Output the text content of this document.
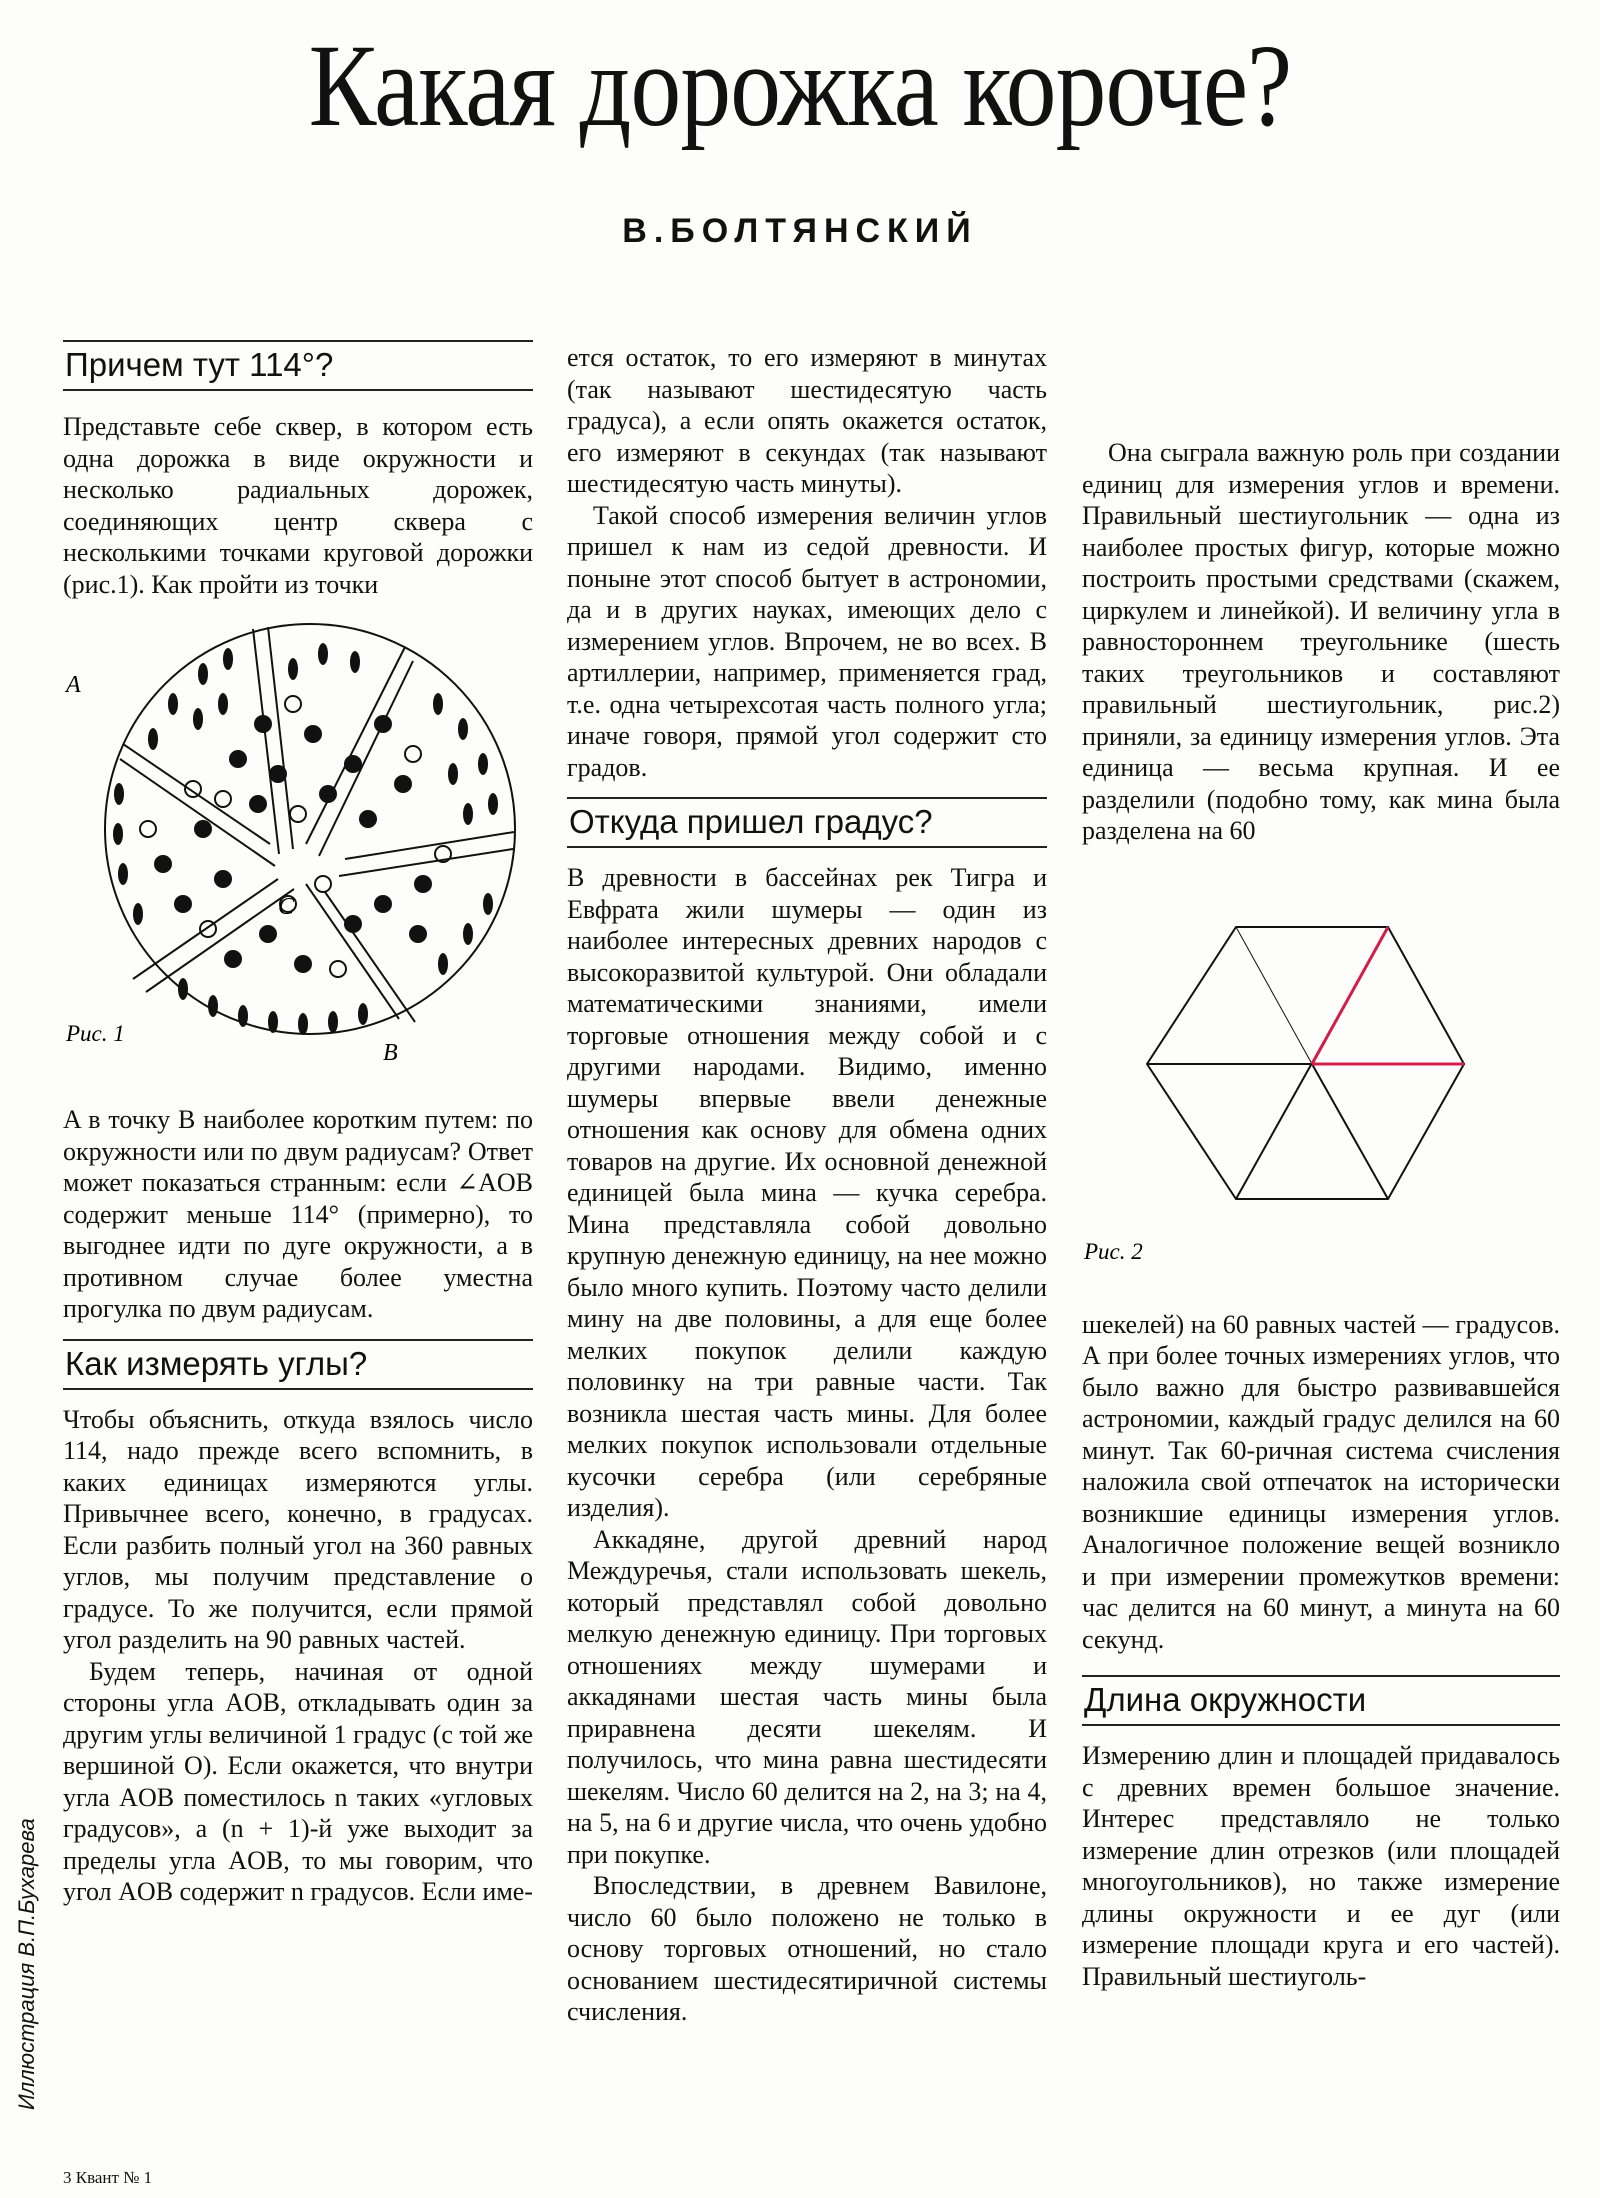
Какая дорожка короче?
В.БОЛТЯНСКИЙ
Причем тут 114°?

Представьте себе сквер, в котором есть одна дорожка в виде окружности и несколько радиальных дорожек, соединяющих центр сквера с несколькими точками круговой дорожки (рис.1). Как пройти из точки

A
C
B
Рис. 1

A в точку B наиболее коротким путем: по окружности или по двум радиусам? Ответ может показаться странным: если ∠AOB содержит меньше 114° (примерно), то выгоднее идти по дуге окружности, а в противном случае более уместна прогулка по двум радиусам.

Как измерять углы?

Чтобы объяснить, откуда взялось число 114, надо прежде всего вспомнить, в каких единицах измеряются углы. Привычнее всего, конечно, в градусах. Если разбить полный угол на 360 равных углов, мы получим представление о градусе. То же получится, если прямой угол разделить на 90 равных частей.

Будем теперь, начиная от одной стороны угла AOB, откладывать один за другим углы величиной 1 градус (с той же вершиной O). Если окажется, что внутри угла AOB поместилось n таких «угловых градусов», а (n + 1)-й уже выходит за пределы угла AOB, то мы говорим, что угол AOB содержит n градусов. Если име-

ется остаток, то его измеряют в минутах (так называют шестидесятую часть градуса), а если опять окажется остаток, его измеряют в секундах (так называют шестидесятую часть минуты).

Такой способ измерения величин углов пришел к нам из седой древности. И поныне этот способ бытует в астрономии, да и в других науках, имеющих дело с измерением углов. Впрочем, не во всех. В артиллерии, например, применяется град, т.е. одна четырехсотая часть полного угла; иначе говоря, прямой угол содержит сто градов.

Откуда пришел градус?

В древности в бассейнах рек Тигра и Евфрата жили шумеры — один из наиболее интересных древних народов с высокоразвитой культурой. Они обладали математическими знаниями, имели торговые отношения между собой и с другими народами. Видимо, именно шумеры впервые ввели денежные отношения как основу для обмена одних товаров на другие. Их основной денежной единицей была мина — кучка серебра. Мина представляла собой довольно крупную денежную единицу, на нее можно было много купить. Поэтому часто делили мину на две половины, а для еще более мелких покупок делили каждую половинку на три равные части. Так возникла шестая часть мины. Для более мелких покупок использовали отдельные кусочки серебра (или серебряные изделия).

Аккадяне, другой древний народ Междуречья, стали использовать шекель, который представлял собой довольно мелкую денежную единицу. При торговых отношениях между шумерами и аккадянами шестая часть мины была приравнена десяти шекелям. И получилось, что мина равна шестидесяти шекелям. Число 60 делится на 2, на 3; на 4, на 5, на 6 и другие числа, что очень удобно при покупке.

Впоследствии, в древнем Вавилоне, число 60 было положено не только в основу торговых отношений, но стало основанием шестидесятиричной системы счисления.

Она сыграла важную роль при создании единиц для измерения углов и времени. Правильный шестиугольник — одна из наиболее простых фигур, которые можно построить простыми средствами (скажем, циркулем и линейкой). И величину угла в равностороннем треугольнике (шесть таких треугольников и составляют правильный шестиугольник, рис.2) приняли, за единицу измерения углов. Эта единица — весьма крупная. И ее разделили (подобно тому, как мина была разделена на 60

Рис. 2

шекелей) на 60 равных частей — градусов. А при более точных измерениях углов, что было важно для быстро развивавшейся астрономии, каждый градус делился на 60 минут. Так 60-ричная система счисления наложила свой отпечаток на исторически возникшие единицы измерения углов. Аналогичное положение вещей возникло и при измерении промежутков времени: час делится на 60 минут, а минута на 60 секунд.

Длина окружности

Измерению длин и площадей придавалось с древних времен большое значение. Интерес представляло не только измерение длин отрезков (или площадей многоугольников), но также измерение длины окружности и ее дуг (или измерение площади круга и его частей). Правильный шестиуголь-

Иллюстрация В.П.Бухарева
3 Квант № 1
